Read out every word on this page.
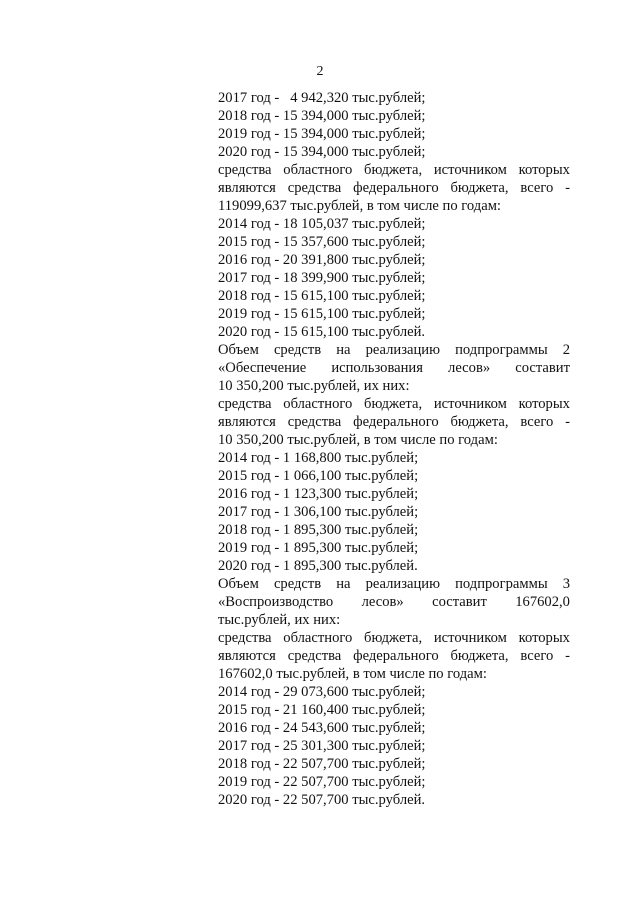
2
2017 год -   4 942,320 тыс.рублей;
2018 год - 15 394,000 тыс.рублей;
2019 год - 15 394,000 тыс.рублей;
2020 год - 15 394,000 тыс.рублей;
средства областного бюджета, источником которых
являются средства федерального бюджета, всего -
119099,637 тыс.рублей, в том числе по годам:
2014 год - 18 105,037 тыс.рублей;
2015 год - 15 357,600 тыс.рублей;
2016 год - 20 391,800 тыс.рублей;
2017 год - 18 399,900 тыс.рублей;
2018 год - 15 615,100 тыс.рублей;
2019 год - 15 615,100 тыс.рублей;
2020 год - 15 615,100 тыс.рублей.
Объем средств на реализацию подпрограммы 2
«Обеспечение использования лесов» составит
10 350,200 тыс.рублей, их них:
средства областного бюджета, источником которых
являются средства федерального бюджета, всего -
10 350,200 тыс.рублей, в том числе по годам:
2014 год - 1 168,800 тыс.рублей;
2015 год - 1 066,100 тыс.рублей;
2016 год - 1 123,300 тыс.рублей;
2017 год - 1 306,100 тыс.рублей;
2018 год - 1 895,300 тыс.рублей;
2019 год - 1 895,300 тыс.рублей;
2020 год - 1 895,300 тыс.рублей.
Объем средств на реализацию подпрограммы 3
«Воспроизводство лесов» составит 167602,0
тыс.рублей, их них:
средства областного бюджета, источником которых
являются средства федерального бюджета, всего -
167602,0 тыс.рублей, в том числе по годам:
2014 год - 29 073,600 тыс.рублей;
2015 год - 21 160,400 тыс.рублей;
2016 год - 24 543,600 тыс.рублей;
2017 год - 25 301,300 тыс.рублей;
2018 год - 22 507,700 тыс.рублей;
2019 год - 22 507,700 тыс.рублей;
2020 год - 22 507,700 тыс.рублей.
